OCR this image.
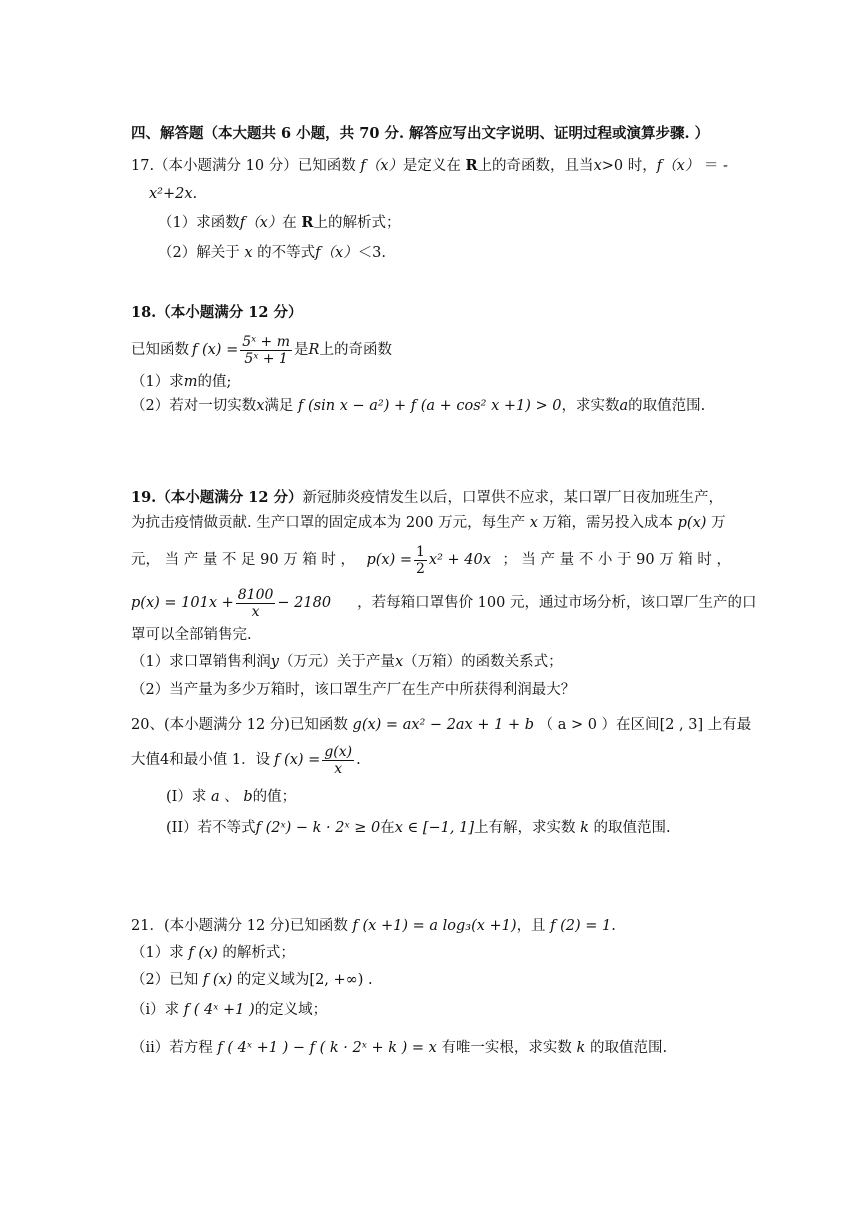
四、解答题（本大题共 6 小题，共 70 分. 解答应写出文字说明、证明过程或演算步骤. ）
17.（本小题满分 10 分）已知函数 f（x）是定义在 R上的奇函数，且当x>0 时，f（x） ＝ -
x²+2x.
（1）求函数f（x）在 R上的解析式；
（2）解关于 x 的不等式f（x）＜3.
18.（本小题满分 12 分）
已知函数 f $(x) = \frac{\text{5ˣ + m}}{\text{5ˣ + 1}}$ 是 R 上的奇函数
（1）求m的值;
（2）若对一切实数x满足 f (sin x − a²) + f (a + cos² x +1) > 0，求实数a的取值范围.
19.（本小题满分 12 分）新冠肺炎疫情发生以后，口罩供不应求，某口罩厂日夜加班生产，
为抗击疫情做贡献. 生产口罩的固定成本为 200 万元，每生产 x 万箱，需另投入成本 p(x) 万
元， 当 产 量 不 足 90 万 箱 时 ， $p(x) = \frac{1}{2} x^2 + 40x$ ； 当 产 量 不 小 于 90 万 箱 时 ，
$p(x) = 101x + \frac{8100}{x} - 2180$ ，若每箱口罩售价 100 元，通过市场分析，该口罩厂生产的口
罩可以全部销售完.
（1）求口罩销售利润y（万元）关于产量x（万箱）的函数关系式；
（2）当产量为多少万箱时，该口罩生产厂在生产中所获得利润最大？
20、(本小题满分 12 分)已知函数 g(x) = ax² − 2ax + 1 + b （ a > 0 ）在区间[2 , 3] 上有最
大值 4 和最小值 1．设 f $(x) = \frac{g(x)}{x}$ .
(I）求 a 、 b的值；
(II）若不等式f (2ˣ) − k · 2ˣ ≥ 0在x ∈ [−1, 1]上有解，求实数 k 的取值范围.
21．(本小题满分 12 分)已知函数 f (x +1) = a log₃(x +1)，且 f (2) = 1.
（1）求 f (x) 的解析式；
（2）已知 f (x) 的定义域为[2, +∞) .
（i）求 f ( 4ˣ +1 )的定义域；
（ⅱ）若方程 f ( 4ˣ +1 ) − f ( k · 2ˣ + k ) = x 有唯一实根，求实数 k 的取值范围.
